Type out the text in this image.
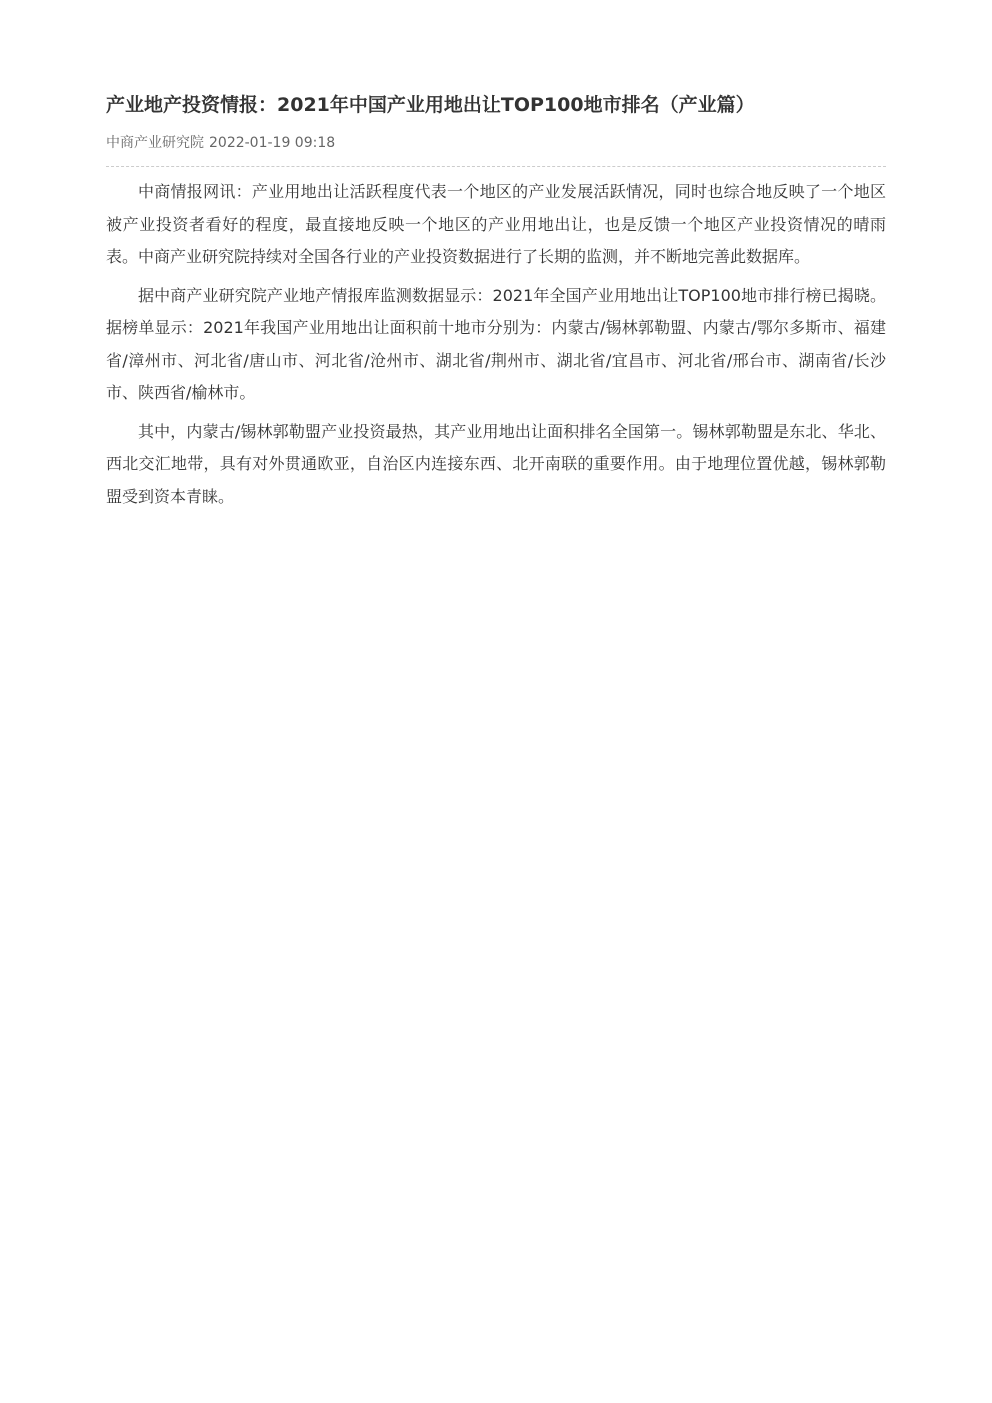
产业地产投资情报：2021年中国产业用地出让TOP100地市排名（产业篇）
中商产业研究院 2022-01-19 09:18

中商情报网讯：产业用地出让活跃程度代表一个地区的产业发展活跃情况，同时也综合地反映了一个地区被产业投资者看好的程度，最直接地反映一个地区的产业用地出让，也是反馈一个地区产业投资情况的晴雨表。中商产业研究院持续对全国各行业的产业投资数据进行了长期的监测，并不断地完善此数据库。

据中商产业研究院产业地产情报库监测数据显示：2021年全国产业用地出让TOP100地市排行榜已揭晓。据榜单显示：2021年我国产业用地出让面积前十地市分别为：内蒙古/锡林郭勒盟、内蒙古/鄂尔多斯市、福建省/漳州市、河北省/唐山市、河北省/沧州市、湖北省/荆州市、湖北省/宜昌市、河北省/邢台市、湖南省/长沙市、陕西省/榆林市。

其中，内蒙古/锡林郭勒盟产业投资最热，其产业用地出让面积排名全国第一。锡林郭勒盟是东北、华北、西北交汇地带，具有对外贯通欧亚，自治区内连接东西、北开南联的重要作用。由于地理位置优越，锡林郭勒盟受到资本青睐。
